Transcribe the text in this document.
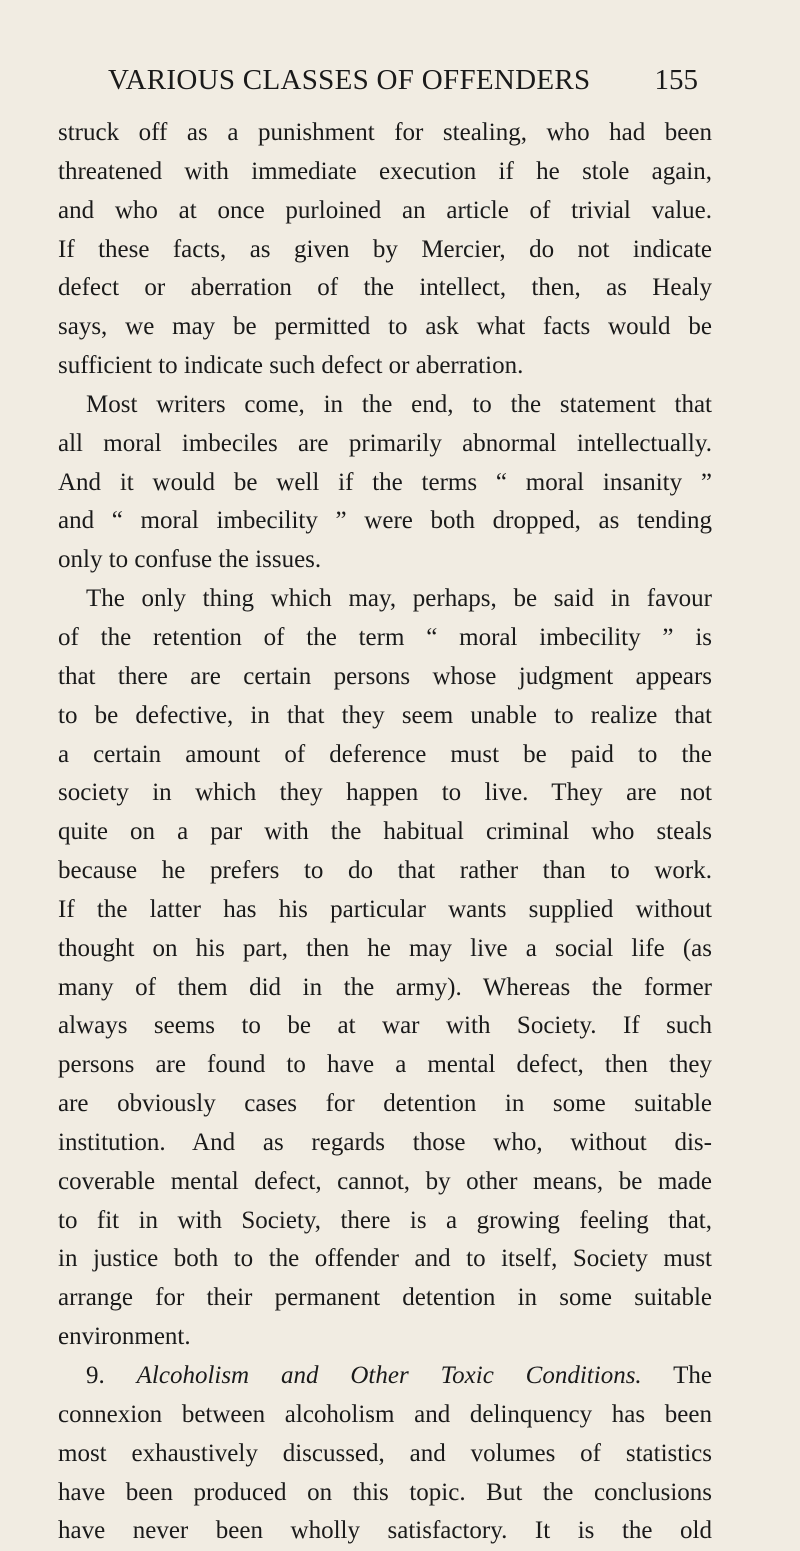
VARIOUS CLASSES OF OFFENDERS 155
struck off as a punishment for stealing, who had been
threatened with immediate execution if he stole again,
and who at once purloined an article of trivial value.
If these facts, as given by Mercier, do not indicate
defect or aberration of the intellect, then, as Healy
says, we may be permitted to ask what facts would be
sufficient to indicate such defect or aberration.
Most writers come, in the end, to the statement that
all moral imbeciles are primarily abnormal intellectually.
And it would be well if the terms “ moral insanity ”
and “ moral imbecility ” were both dropped, as tending
only to confuse the issues.
The only thing which may, perhaps, be said in favour
of the retention of the term “ moral imbecility ” is
that there are certain persons whose judgment appears
to be defective, in that they seem unable to realize that
a certain amount of deference must be paid to the
society in which they happen to live. They are not
quite on a par with the habitual criminal who steals
because he prefers to do that rather than to work.
If the latter has his particular wants supplied without
thought on his part, then he may live a social life (as
many of them did in the army). Whereas the former
always seems to be at war with Society. If such
persons are found to have a mental defect, then they
are obviously cases for detention in some suitable
institution. And as regards those who, without dis-
coverable mental defect, cannot, by other means, be made
to fit in with Society, there is a growing feeling that,
in justice both to the offender and to itself, Society must
arrange for their permanent detention in some suitable
environment.
9. Alcoholism and Other Toxic Conditions. The
connexion between alcoholism and delinquency has been
most exhaustively discussed, and volumes of statistics
have been produced on this topic. But the conclusions
have never been wholly satisfactory. It is the old
